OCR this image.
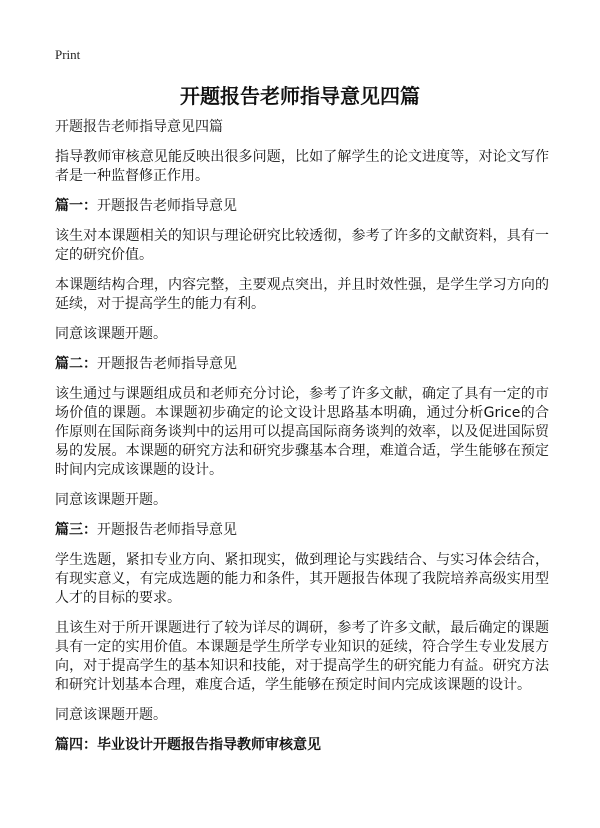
Print
开题报告老师指导意见四篇

开题报告老师指导意见四篇

指导教师审核意见能反映出很多问题，比如了解学生的论文进度等，对论文写作者是一种监督修正作用。

篇一：开题报告老师指导意见

该生对本课题相关的知识与理论研究比较透彻，参考了许多的文献资料，具有一定的研究价值。

本课题结构合理，内容完整，主要观点突出，并且时效性强，是学生学习方向的延续，对于提高学生的能力有利。

同意该课题开题。

篇二：开题报告老师指导意见

该生通过与课题组成员和老师充分讨论，参考了许多文献，确定了具有一定的市场价值的课题。本课题初步确定的论文设计思路基本明确，通过分析Grice的合作原则在国际商务谈判中的运用可以提高国际商务谈判的效率，以及促进国际贸易的发展。本课题的研究方法和研究步骤基本合理，难道合适，学生能够在预定时间内完成该课题的设计。

同意该课题开题。

篇三：开题报告老师指导意见

学生选题，紧扣专业方向、紧扣现实，做到理论与实践结合、与实习体会结合，有现实意义，有完成选题的能力和条件，其开题报告体现了我院培养高级实用型人才的目标的要求。

且该生对于所开课题进行了较为详尽的调研，参考了许多文献，最后确定的课题具有一定的实用价值。本课题是学生所学专业知识的延续，符合学生专业发展方向，对于提高学生的基本知识和技能，对于提高学生的研究能力有益。研究方法和研究计划基本合理，难度合适，学生能够在预定时间内完成该课题的设计。

同意该课题开题。

篇四：毕业设计开题报告指导教师审核意见
